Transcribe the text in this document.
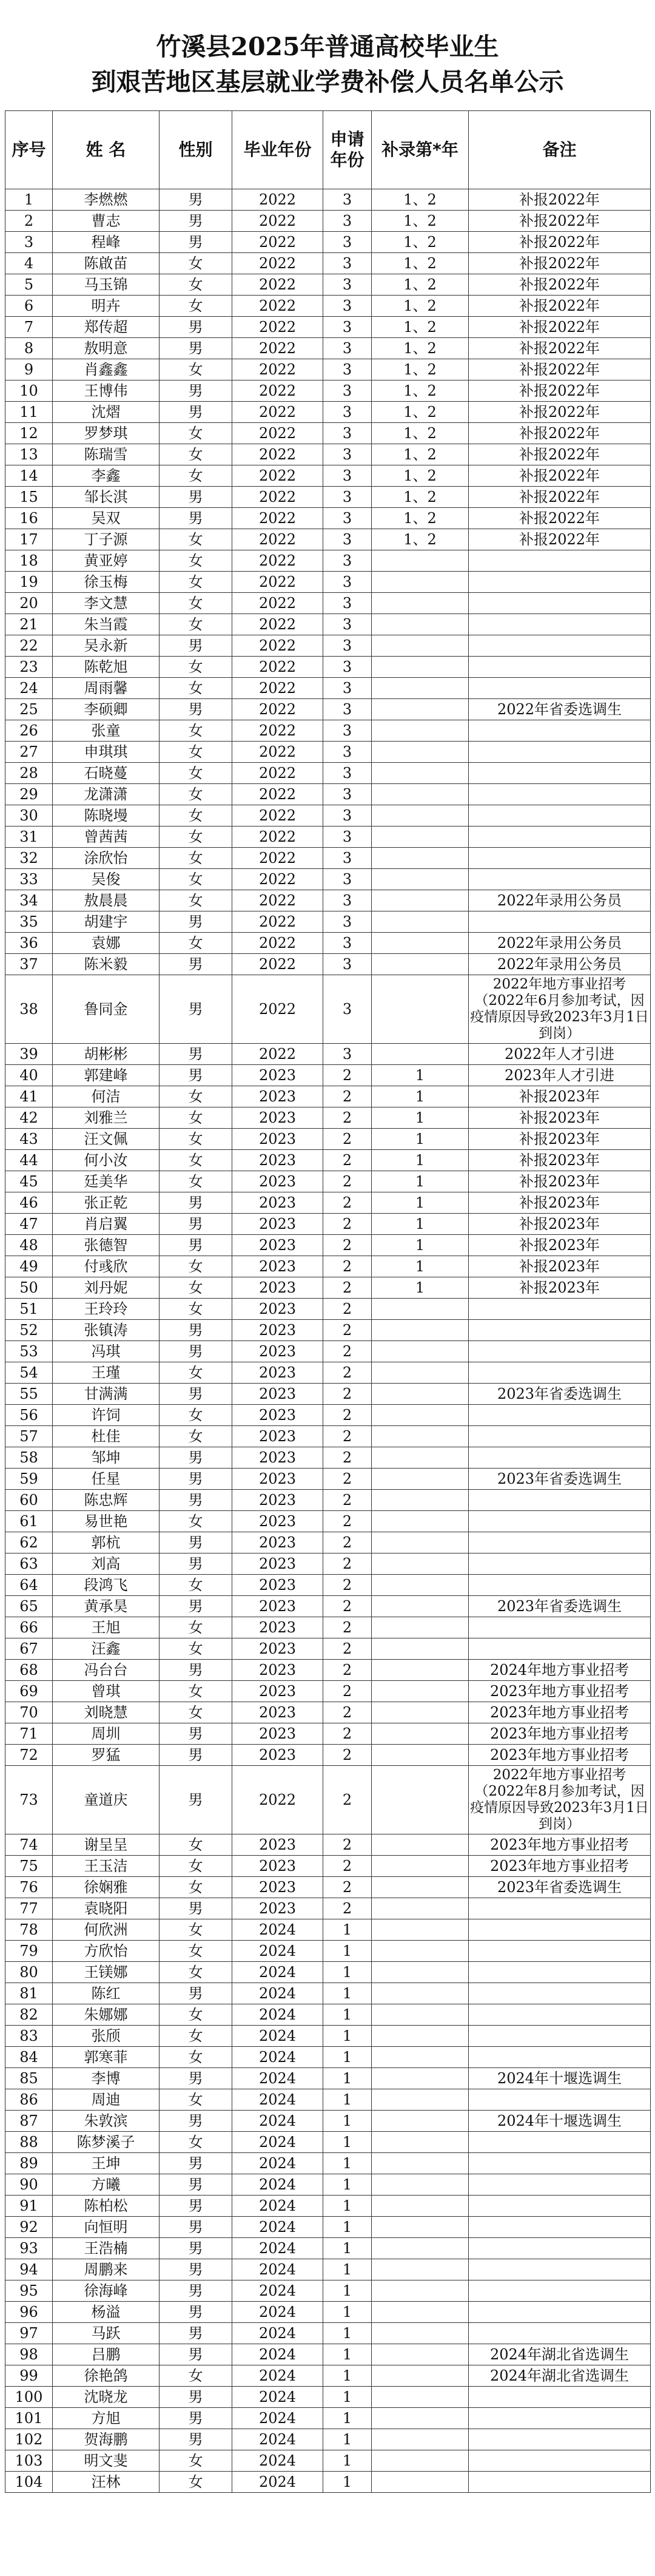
竹溪县2025年普通高校毕业生
到艰苦地区基层就业学费补偿人员名单公示
序号	姓 名	性别	毕业年份	申请年份	补录第*年	备注
1	李燃燃	男	2022	3	1、2	补报2022年
2	曹志	男	2022	3	1、2	补报2022年
3	程峰	男	2022	3	1、2	补报2022年
4	陈啟苗	女	2022	3	1、2	补报2022年
5	马玉锦	女	2022	3	1、2	补报2022年
6	明卉	女	2022	3	1、2	补报2022年
7	郑传超	男	2022	3	1、2	补报2022年
8	敖明意	男	2022	3	1、2	补报2022年
9	肖鑫鑫	女	2022	3	1、2	补报2022年
10	王博伟	男	2022	3	1、2	补报2022年
11	沈熠	男	2022	3	1、2	补报2022年
12	罗梦琪	女	2022	3	1、2	补报2022年
13	陈瑞雪	女	2022	3	1、2	补报2022年
14	李鑫	女	2022	3	1、2	补报2022年
15	邹长淇	男	2022	3	1、2	补报2022年
16	吴双	男	2022	3	1、2	补报2022年
17	丁子源	女	2022	3	1、2	补报2022年
18	黄亚婷	女	2022	3		
19	徐玉梅	女	2022	3		
20	李文慧	女	2022	3		
21	朱当霞	女	2022	3		
22	吴永新	男	2022	3		
23	陈乾旭	女	2022	3		
24	周雨馨	女	2022	3		
25	李硕卿	男	2022	3		2022年省委选调生
26	张童	女	2022	3		
27	申琪琪	女	2022	3		
28	石晓蔓	女	2022	3		
29	龙潇潇	女	2022	3		
30	陈晓墁	女	2022	3		
31	曾茜茜	女	2022	3		
32	涂欣怡	女	2022	3		
33	吴俊	女	2022	3		
34	敖晨晨	女	2022	3		2022年录用公务员
35	胡建宇	男	2022	3		
36	袁娜	女	2022	3		2022年录用公务员
37	陈米毅	男	2022	3		2022年录用公务员
38	鲁同金	男	2022	3		2022年地方事业招考（2022年6月参加考试，因疫情原因导致2023年3月1日到岗）
39	胡彬彬	男	2022	3		2022年人才引进
40	郭建峰	男	2023	2	1	2023年人才引进
41	何洁	女	2023	2	1	补报2023年
42	刘雅兰	女	2023	2	1	补报2023年
43	汪文佩	女	2023	2	1	补报2023年
44	何小汝	女	2023	2	1	补报2023年
45	廷美华	女	2023	2	1	补报2023年
46	张正乾	男	2023	2	1	补报2023年
47	肖启翼	男	2023	2	1	补报2023年
48	张德智	男	2023	2	1	补报2023年
49	付彧欣	女	2023	2	1	补报2023年
50	刘丹妮	女	2023	2	1	补报2023年
51	王玲玲	女	2023	2		
52	张镇涛	男	2023	2		
53	冯琪	男	2023	2		
54	王瑾	女	2023	2		
55	甘满满	男	2023	2		2023年省委选调生
56	许饲	女	2023	2		
57	杜佳	女	2023	2		
58	邹坤	男	2023	2		
59	任星	男	2023	2		2023年省委选调生
60	陈忠辉	男	2023	2		
61	易世艳	女	2023	2		
62	郭杭	男	2023	2		
63	刘高	男	2023	2		
64	段鸿飞	女	2023	2		
65	黄承昊	男	2023	2		2023年省委选调生
66	王旭	女	2023	2		
67	汪鑫	女	2023	2		
68	冯台台	男	2023	2		2024年地方事业招考
69	曾琪	女	2023	2		2023年地方事业招考
70	刘晓慧	女	2023	2		2023年地方事业招考
71	周圳	男	2023	2		2023年地方事业招考
72	罗猛	男	2023	2		2023年地方事业招考
73	童道庆	男	2022	2		2022年地方事业招考（2022年8月参加考试，因疫情原因导致2023年3月1日到岗）
74	谢呈呈	女	2023	2		2023年地方事业招考
75	王玉洁	女	2023	2		2023年地方事业招考
76	徐娴雅	女	2023	2		2023年省委选调生
77	袁晓阳	男	2023	2		
78	何欣洲	女	2024	1		
79	方欣怡	女	2024	1		
80	王镁娜	女	2024	1		
81	陈红	男	2024	1		
82	朱娜娜	女	2024	1		
83	张颀	女	2024	1		
84	郭寒菲	女	2024	1		
85	李博	男	2024	1		2024年十堰选调生
86	周迪	女	2024	1		
87	朱敦滨	男	2024	1		2024年十堰选调生
88	陈梦溪子	女	2024	1		
89	王坤	男	2024	1		
90	方曦	男	2024	1		
91	陈柏松	男	2024	1		
92	向恒明	男	2024	1		
93	王浩楠	男	2024	1		
94	周鹏来	男	2024	1		
95	徐海峰	男	2024	1		
96	杨溢	男	2024	1		
97	马跃	男	2024	1		
98	吕鹏	男	2024	1		2024年湖北省选调生
99	徐艳鸽	女	2024	1		2024年湖北省选调生
100	沈晓龙	男	2024	1		
101	方旭	男	2024	1		
102	贺海鹏	男	2024	1		
103	明文斐	女	2024	1		
104	汪林	女	2024	1		
